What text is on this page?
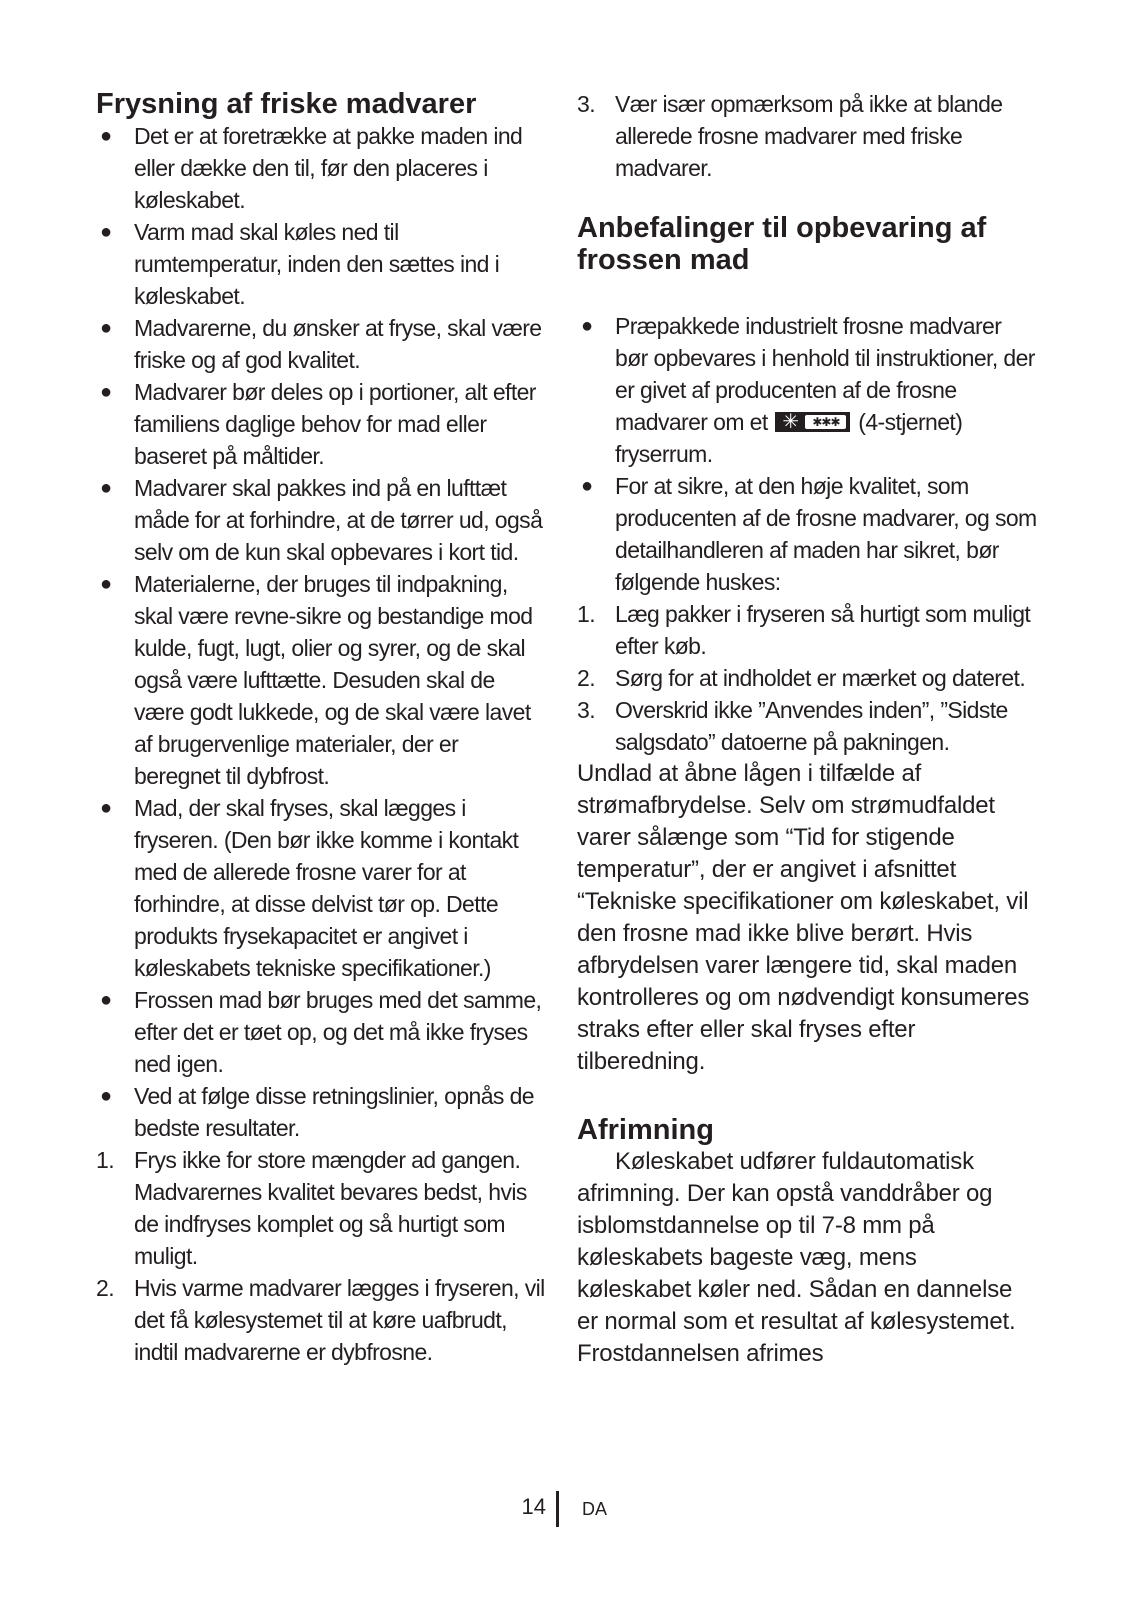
Frysning af friske madvarer
● Det er at foretrække at pakke maden ind eller dække den til, før den placeres i køleskabet.
● Varm mad skal køles ned til rumtemperatur, inden den sættes ind i køleskabet.
● Madvarerne, du ønsker at fryse, skal være friske og af god kvalitet.
● Madvarer bør deles op i portioner, alt efter familiens daglige behov for mad eller baseret på måltider.
● Madvarer skal pakkes ind på en lufttæt måde for at forhindre, at de tørrer ud, også selv om de kun skal opbevares i kort tid.
● Materialerne, der bruges til indpakning, skal være revne-sikre og bestandige mod kulde, fugt, lugt, olier og syrer, og de skal også være lufttætte. Desuden skal de være godt lukkede, og de skal være lavet af brugervenlige materialer, der er beregnet til dybfrost.
● Mad, der skal fryses, skal lægges i fryseren. (Den bør ikke komme i kontakt med de allerede frosne varer for at forhindre, at disse delvist tør op. Dette produkts frysekapacitet er angivet i køleskabets tekniske specifikationer.)
● Frossen mad bør bruges med det samme, efter det er tøet op, og det må ikke fryses ned igen.
● Ved at følge disse retningslinier, opnås de bedste resultater.
1. Frys ikke for store mængder ad gangen. Madvarernes kvalitet bevares bedst, hvis de indfryses komplet og så hurtigt som muligt.
2. Hvis varme madvarer lægges i fryseren, vil det få kølesystemet til at køre uafbrudt, indtil madvarerne er dybfrosne.
3. Vær især opmærksom på ikke at blande allerede frosne madvarer med friske madvarer.
Anbefalinger til opbevaring af frossen mad
● Præpakkede industrielt frosne madvarer bør opbevares i henhold til instruktioner, der er givet af producenten af de frosne madvarer om et ✳	✱✱✱ (4-stjernet) fryserrum.
● For at sikre, at den høje kvalitet, som producenten af de frosne madvarer, og som detailhandleren af maden har sikret, bør følgende huskes:
1. Læg pakker i fryseren så hurtigt som muligt efter køb.
2. Sørg for at indholdet er mærket og dateret.
3. Overskrid ikke ”Anvendes inden”, ”Sidste salgsdato” datoerne på pakningen.

Undlad at åbne lågen i tilfælde af strømafbrydelse. Selv om strømudfaldet varer sålænge som “Tid for stigende temperatur”, der er angivet i afsnittet “Tekniske specifikationer om køleskabet, vil den frosne mad ikke blive berørt. Hvis afbrydelsen varer længere tid, skal maden kontrolleres og om nødvendigt konsumeres straks efter eller skal fryses efter tilberedning.

Afrimning

Køleskabet udfører fuldautomatisk afrimning. Der kan opstå vanddråber og isblomstdannelse op til 7-8 mm på køleskabets bageste væg, mens køleskabet køler ned. Sådan en dannelse er normal som et resultat af kølesystemet. Frostdannelsen afrimes

14 DA
